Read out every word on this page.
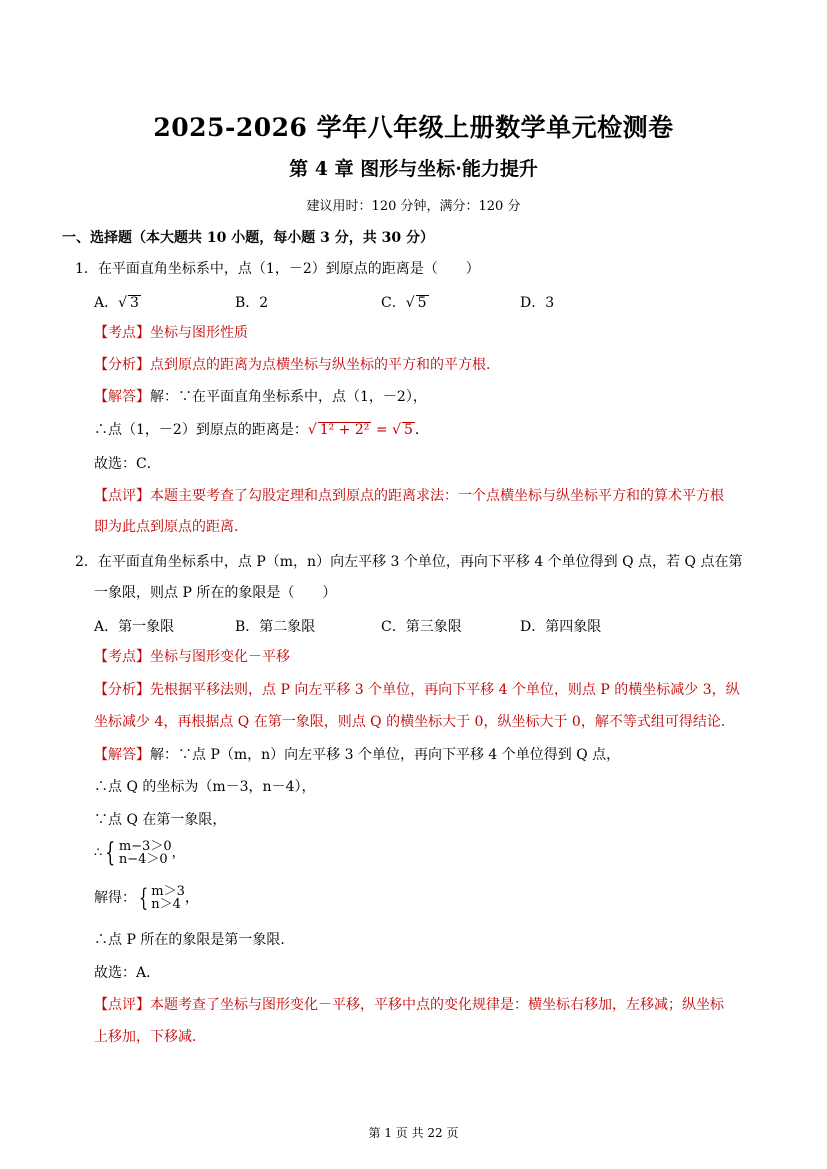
2025-2026 学年八年级上册数学单元检测卷
第 4 章 图形与坐标·能力提升
建议用时：120 分钟，满分：120 分
一、选择题（本大题共 10 小题，每小题 3 分，共 30 分）
1．在平面直角坐标系中，点（1，－2）到原点的距离是（　　）
A．√ 3	B．2	C．√ 5	D．3
【考点】坐标与图形性质
【分析】点到原点的距离为点横坐标与纵坐标的平方和的平方根．
【解答】解：∵在平面直角坐标系中，点（1，－2），
∴点（1，－2）到原点的距离是：√ 1² + 2² = √ 5 ．
故选：C．
【点评】本题主要考查了勾股定理和点到原点的距离求法：一个点横坐标与纵坐标平方和的算术平方根
即为此点到原点的距离．
2．在平面直角坐标系中，点 P（m，n）向左平移 3 个单位，再向下平移 4 个单位得到 Q 点，若 Q 点在第
一象限，则点 P 所在的象限是（　　）
A．第一象限	B．第二象限	C．第三象限	D．第四象限
【考点】坐标与图形变化－平移
【分析】先根据平移法则，点 P 向左平移 3 个单位，再向下平移 4 个单位，则点 P 的横坐标减少 3，纵
坐标减少 4，再根据点 Q 在第一象限，则点 Q 的横坐标大于 0，纵坐标大于 0，解不等式组可得结论．
【解答】解：∵点 P（m，n）向左平移 3 个单位，再向下平移 4 个单位得到 Q 点，
∴点 Q 的坐标为（m－3，n－4），
∵点 Q 在第一象限，
∴ { m−3＞0
n−4＞0 ，
解得： { m＞3
n＞4 ，
∴点 P 所在的象限是第一象限．
故选：A．
【点评】本题考查了坐标与图形变化－平移，平移中点的变化规律是：横坐标右移加，左移减；纵坐标
上移加，下移减．
第 1 页 共 22 页
